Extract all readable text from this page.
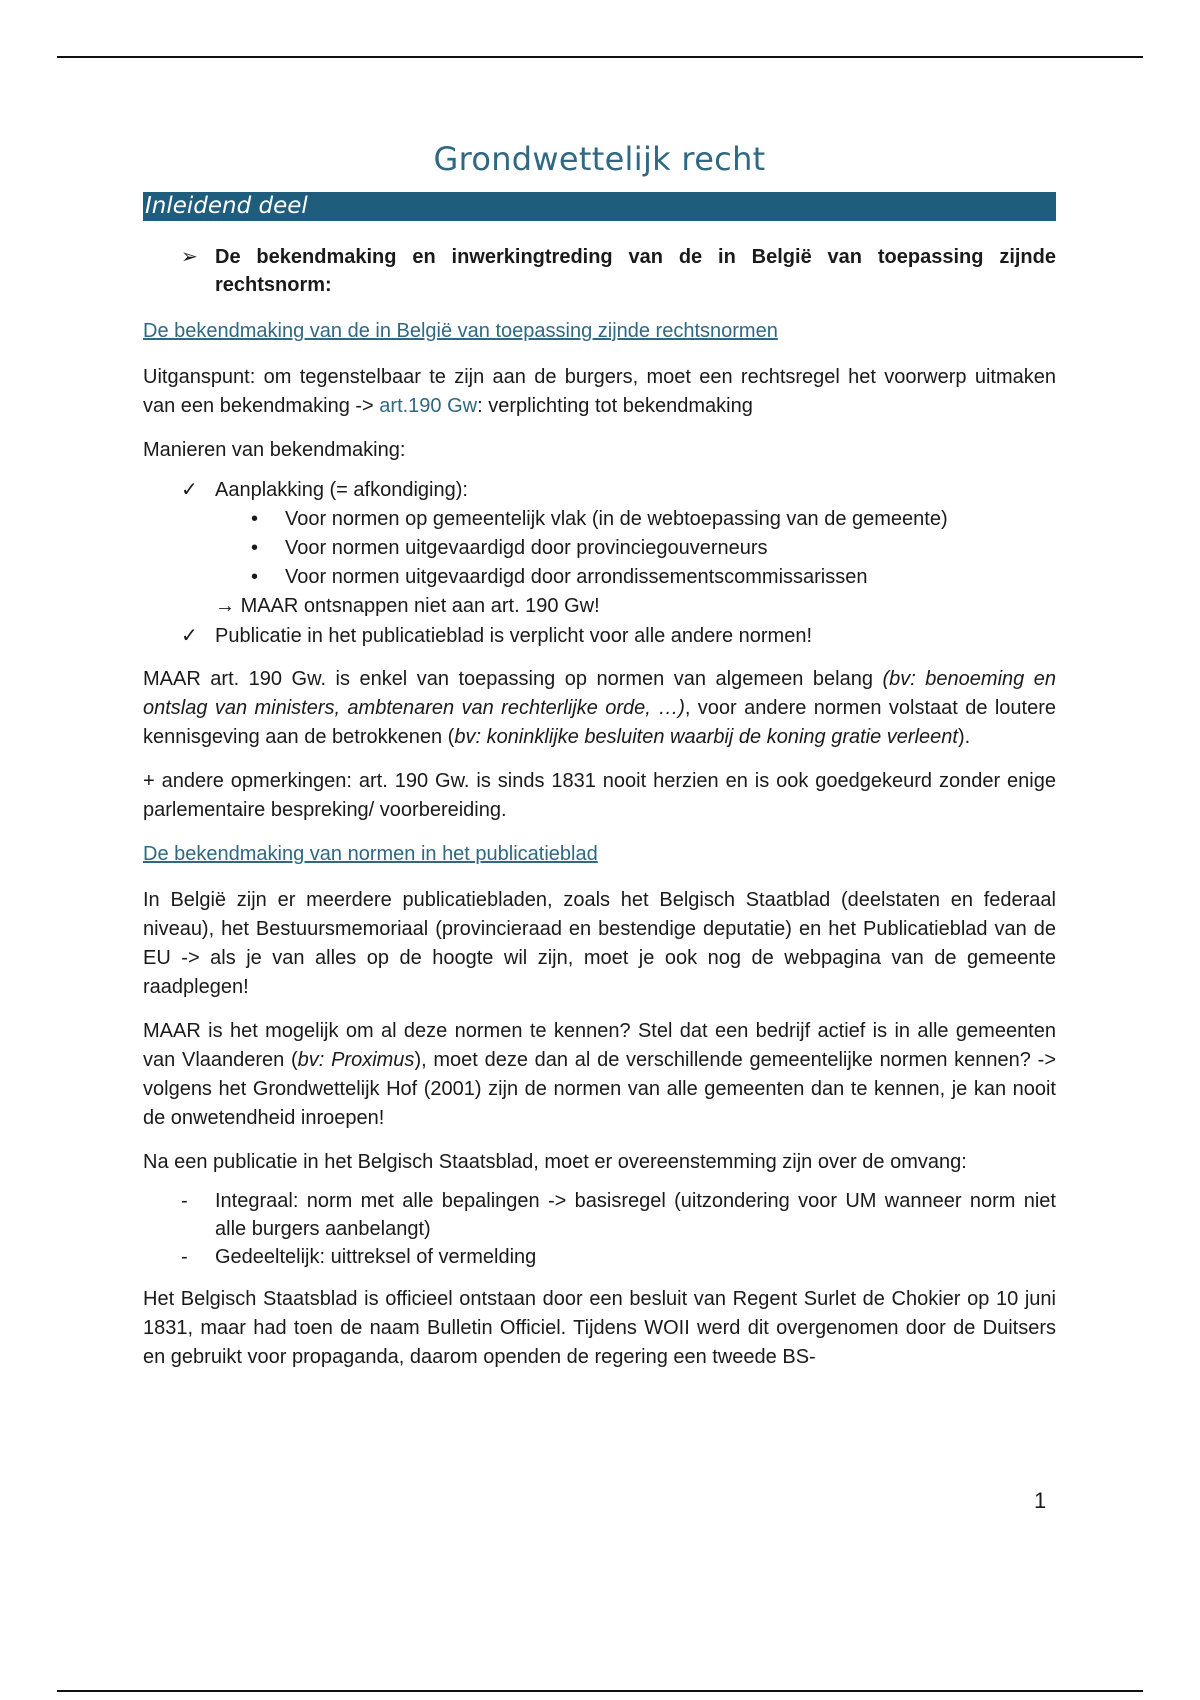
Grondwettelijk recht
Inleidend deel
➢ De bekendmaking en inwerkingtreding van de in België van toepassing zijnde rechtsnorm:
De bekendmaking van de in België van toepassing zijnde rechtsnormen

Uitganspunt: om tegenstelbaar te zijn aan de burgers, moet een rechtsregel het voorwerp uitmaken van een bekendmaking -> art.190 Gw: verplichting tot bekendmaking

Manieren van bekendmaking:

✓ Aanplakking (= afkondiging):
•	Voor normen op gemeentelijk vlak (in de webtoepassing van de gemeente)
•	Voor normen uitgevaardigd door provinciegouverneurs
•	Voor normen uitgevaardigd door arrondissementscommissarissen
→ MAAR ontsnappen niet aan art. 190 Gw!
✓ Publicatie in het publicatieblad is verplicht voor alle andere normen!

MAAR art. 190 Gw. is enkel van toepassing op normen van algemeen belang (bv: benoeming en ontslag van ministers, ambtenaren van rechterlijke orde, …), voor andere normen volstaat de loutere kennisgeving aan de betrokkenen (bv: koninklijke besluiten waarbij de koning gratie verleent).

+ andere opmerkingen: art. 190 Gw. is sinds 1831 nooit herzien en is ook goedgekeurd zonder enige parlementaire bespreking/ voorbereiding.

De bekendmaking van normen in het publicatieblad

In België zijn er meerdere publicatiebladen, zoals het Belgisch Staatblad (deelstaten en federaal niveau), het Bestuursmemoriaal (provincieraad en bestendige deputatie) en het Publicatieblad van de EU -> als je van alles op de hoogte wil zijn, moet je ook nog de webpagina van de gemeente raadplegen!

MAAR is het mogelijk om al deze normen te kennen? Stel dat een bedrijf actief is in alle gemeenten van Vlaanderen (bv: Proximus), moet deze dan al de verschillende gemeentelijke normen kennen? -> volgens het Grondwettelijk Hof (2001) zijn de normen van alle gemeenten dan te kennen, je kan nooit de onwetendheid inroepen!

Na een publicatie in het Belgisch Staatsblad, moet er overeenstemming zijn over de omvang:

-	Integraal: norm met alle bepalingen -> basisregel (uitzondering voor UM wanneer norm niet alle burgers aanbelangt)
-	Gedeeltelijk: uittreksel of vermelding

Het Belgisch Staatsblad is officieel ontstaan door een besluit van Regent Surlet de Chokier op 10 juni 1831, maar had toen de naam Bulletin Officiel. Tijdens WOII werd dit overgenomen door de Duitsers en gebruikt voor propaganda, daarom openden de regering een tweede BS-

1
